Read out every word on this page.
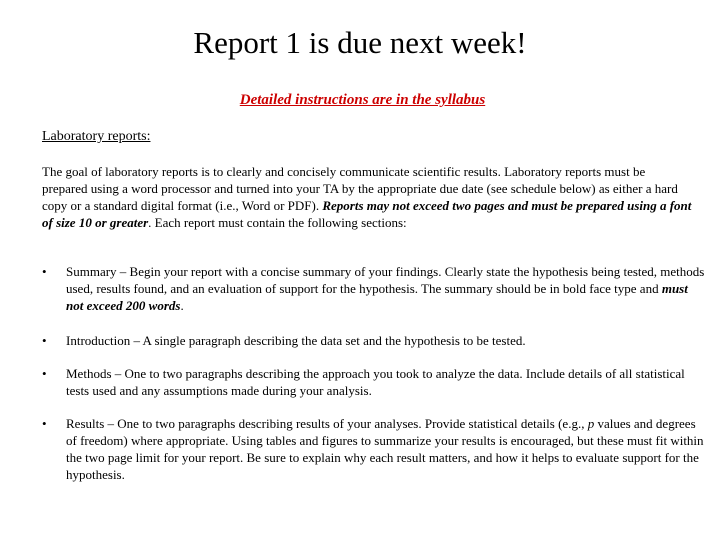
Report 1 is due next week!
Detailed instructions are in the syllabus
Laboratory reports:
The goal of laboratory reports is to clearly and concisely communicate scientific results. Laboratory reports must be prepared using a word processor and turned into your TA by the appropriate due date (see schedule below) as either a hard copy or a standard digital format (i.e., Word or PDF). Reports may not exceed two pages and must be prepared using a font of size 10 or greater. Each report must contain the following sections:
•	Summary – Begin your report with a concise summary of your findings. Clearly state the hypothesis being tested, methods used, results found, and an evaluation of support for the hypothesis. The summary should be in bold face type and must not exceed 200 words.
•	Introduction – A single paragraph describing the data set and the hypothesis to be tested.
•	Methods – One to two paragraphs describing the approach you took to analyze the data. Include details of all statistical tests used and any assumptions made during your analysis.
•	Results – One to two paragraphs describing results of your analyses. Provide statistical details (e.g., p values and degrees of freedom) where appropriate. Using tables and figures to summarize your results is encouraged, but these must fit within the two page limit for your report. Be sure to explain why each result matters, and how it helps to evaluate support for the hypothesis.
